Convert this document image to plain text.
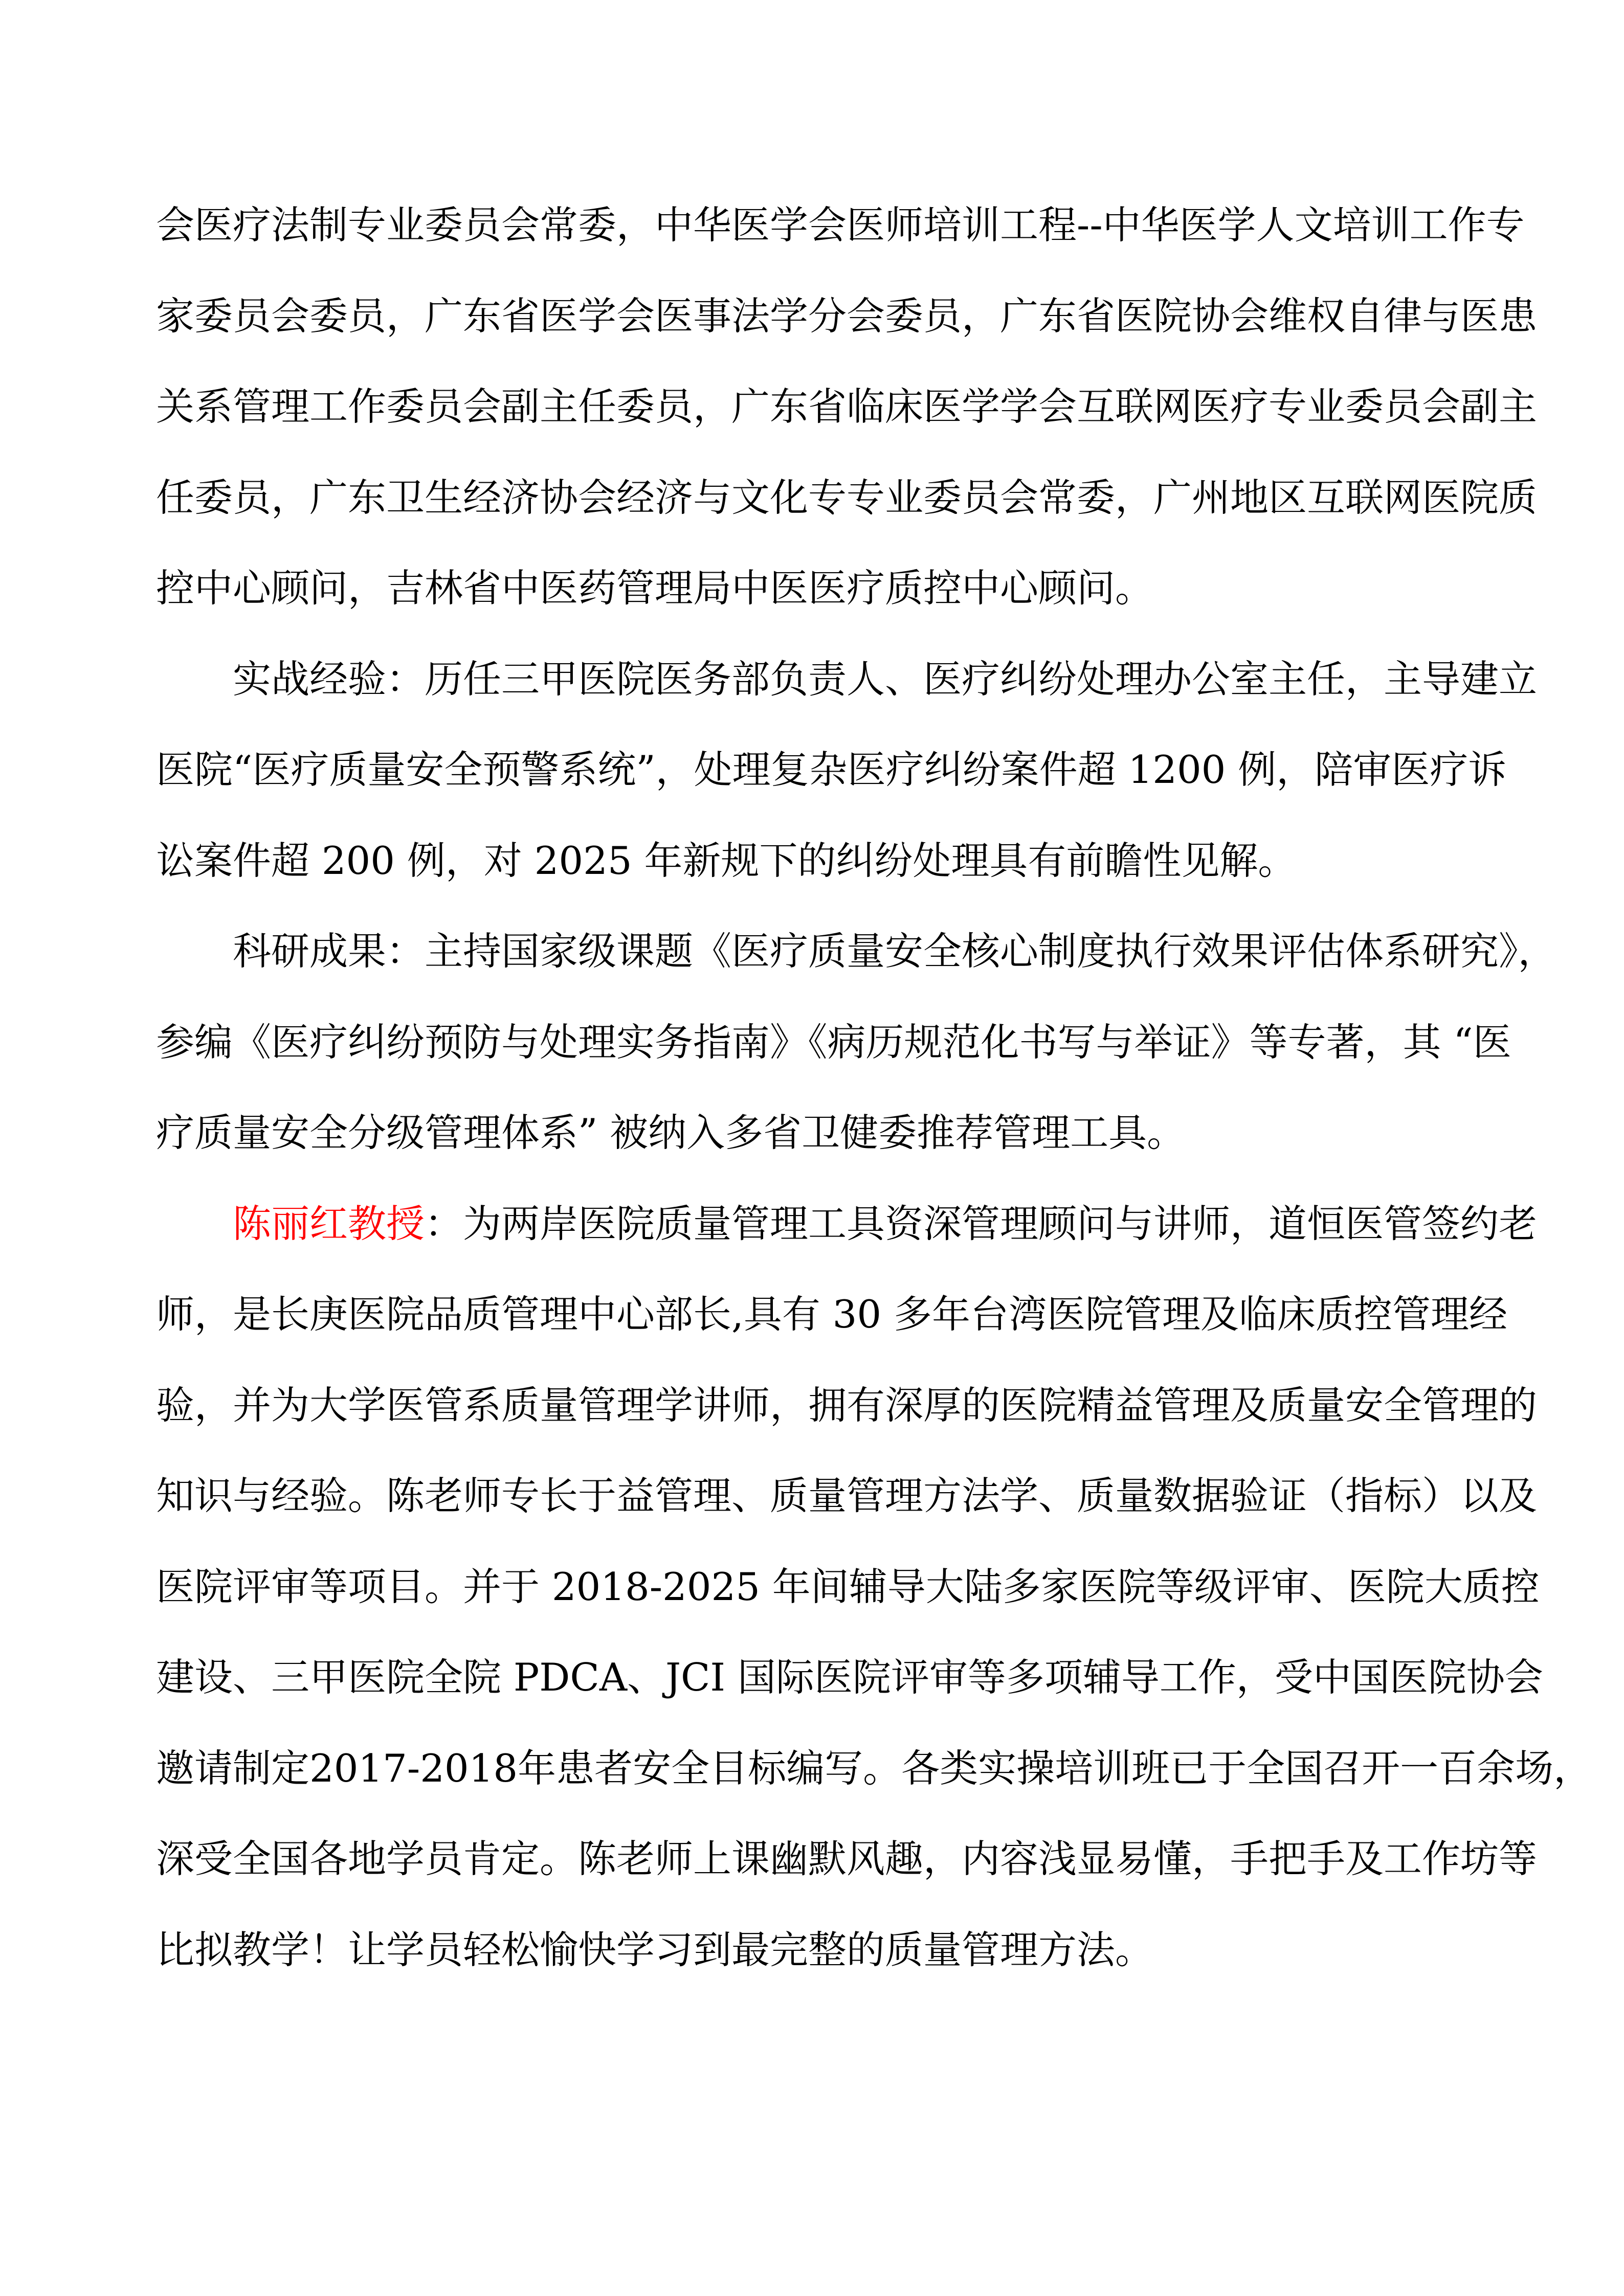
会医疗法制专业委员会常委，中华医学会医师培训工程--中华医学人文培训工作专
家委员会委员，广东省医学会医事法学分会委员，广东省医院协会维权自律与医患
关系管理工作委员会副主任委员，广东省临床医学学会互联网医疗专业委员会副主
任委员，广东卫生经济协会经济与文化专专业委员会常委，广州地区互联网医院质
控中心顾问，吉林省中医药管理局中医医疗质控中心顾问。
实战经验：历任三甲医院医务部负责人、医疗纠纷处理办公室主任，主导建立
医院“医疗质量安全预警系统”，处理复杂医疗纠纷案件超 1200 例，陪审医疗诉
讼案件超 200 例，对 2025 年新规下的纠纷处理具有前瞻性见解。
科研成果：主持国家级课题《医疗质量安全核心制度执行效果评估体系研究》，
参编《医疗纠纷预防与处理实务指南》《病历规范化书写与举证》等专著，其 “医
疗质量安全分级管理体系” 被纳入多省卫健委推荐管理工具。
陈丽红教授：为两岸医院质量管理工具资深管理顾问与讲师，道恒医管签约老
师，是长庚医院品质管理中心部长,具有 30 多年台湾医院管理及临床质控管理经
验，并为大学医管系质量管理学讲师，拥有深厚的医院精益管理及质量安全管理的
知识与经验。陈老师专长于益管理、质量管理方法学、质量数据验证（指标）以及
医院评审等项目。并于 2018-2025 年间辅导大陆多家医院等级评审、医院大质控
建设、三甲医院全院 PDCA、JCI 国际医院评审等多项辅导工作，受中国医院协会
邀请制定2017-2018年患者安全目标编写。各类实操培训班已于全国召开一百余场，
深受全国各地学员肯定。陈老师上课幽默风趣，内容浅显易懂，手把手及工作坊等
比拟教学！让学员轻松愉快学习到最完整的质量管理方法。
